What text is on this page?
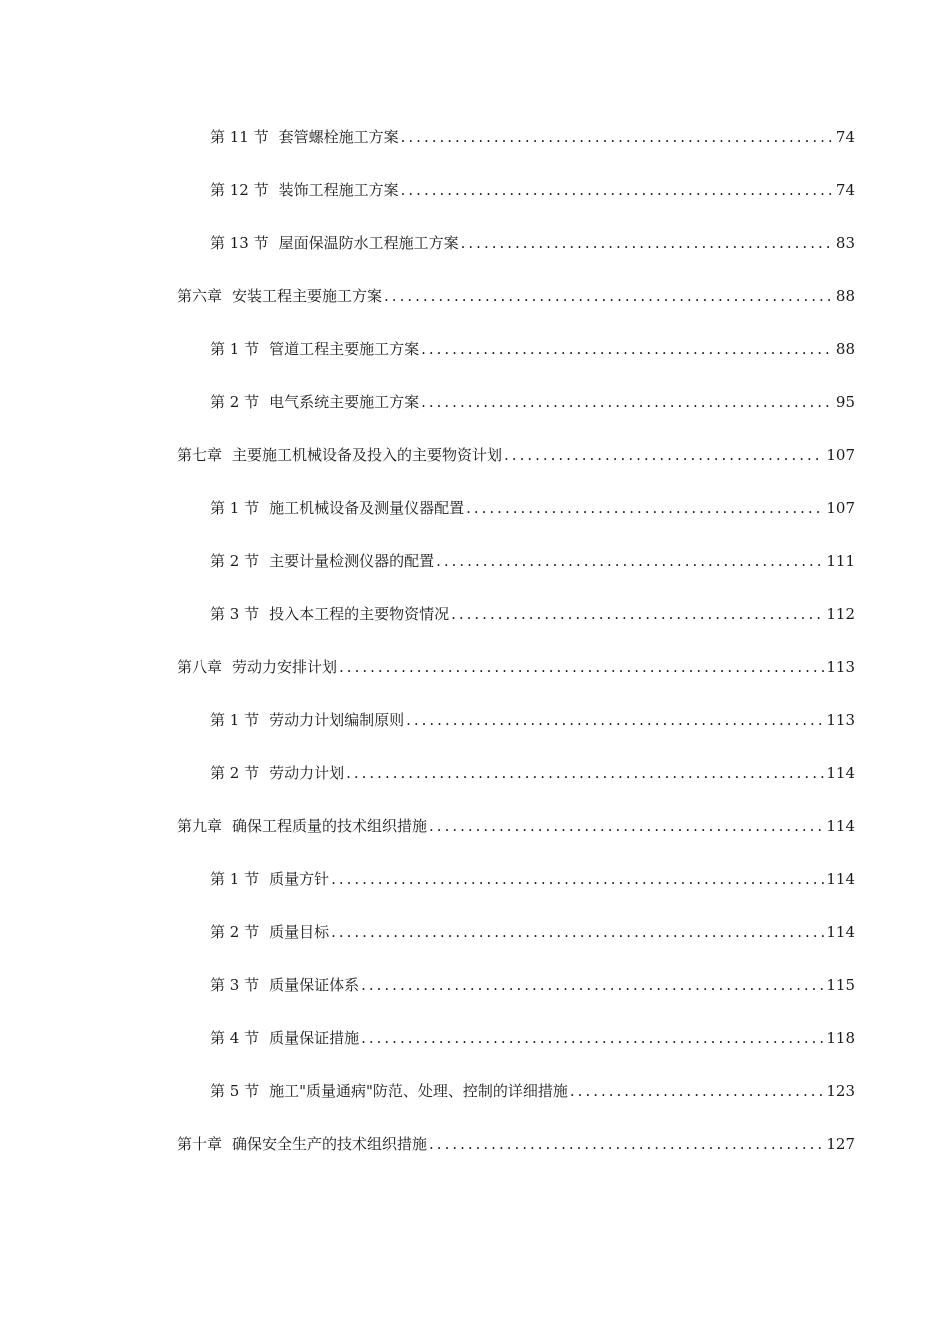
第 11 节 套管螺栓施工方案 .....	74
第 12 节 装饰工程施工方案 .....	74
第 13 节 屋面保温防水工程施工方案 .....	83
第六章 安装工程主要施工方案 .....	88
第 1 节 管道工程主要施工方案 .....	88
第 2 节 电气系统主要施工方案 .....	95
第七章 主要施工机械设备及投入的主要物资计划 .....	107
第 1 节 施工机械设备及测量仪器配置 .....	107
第 2 节 主要计量检测仪器的配置 .....	111
第 3 节 投入本工程的主要物资情况 .....	112
第八章 劳动力安排计划 .....	113
第 1 节 劳动力计划编制原则 .....	113
第 2 节 劳动力计划 .....	114
第九章 确保工程质量的技术组织措施 .....	114
第 1 节 质量方针 .....	114
第 2 节 质量目标 .....	114
第 3 节 质量保证体系 .....	115
第 4 节 质量保证措施 .....	118
第 5 节 施工"质量通病"防范、处理、控制的详细措施 .....	123
第十章 确保安全生产的技术组织措施 .....	127
